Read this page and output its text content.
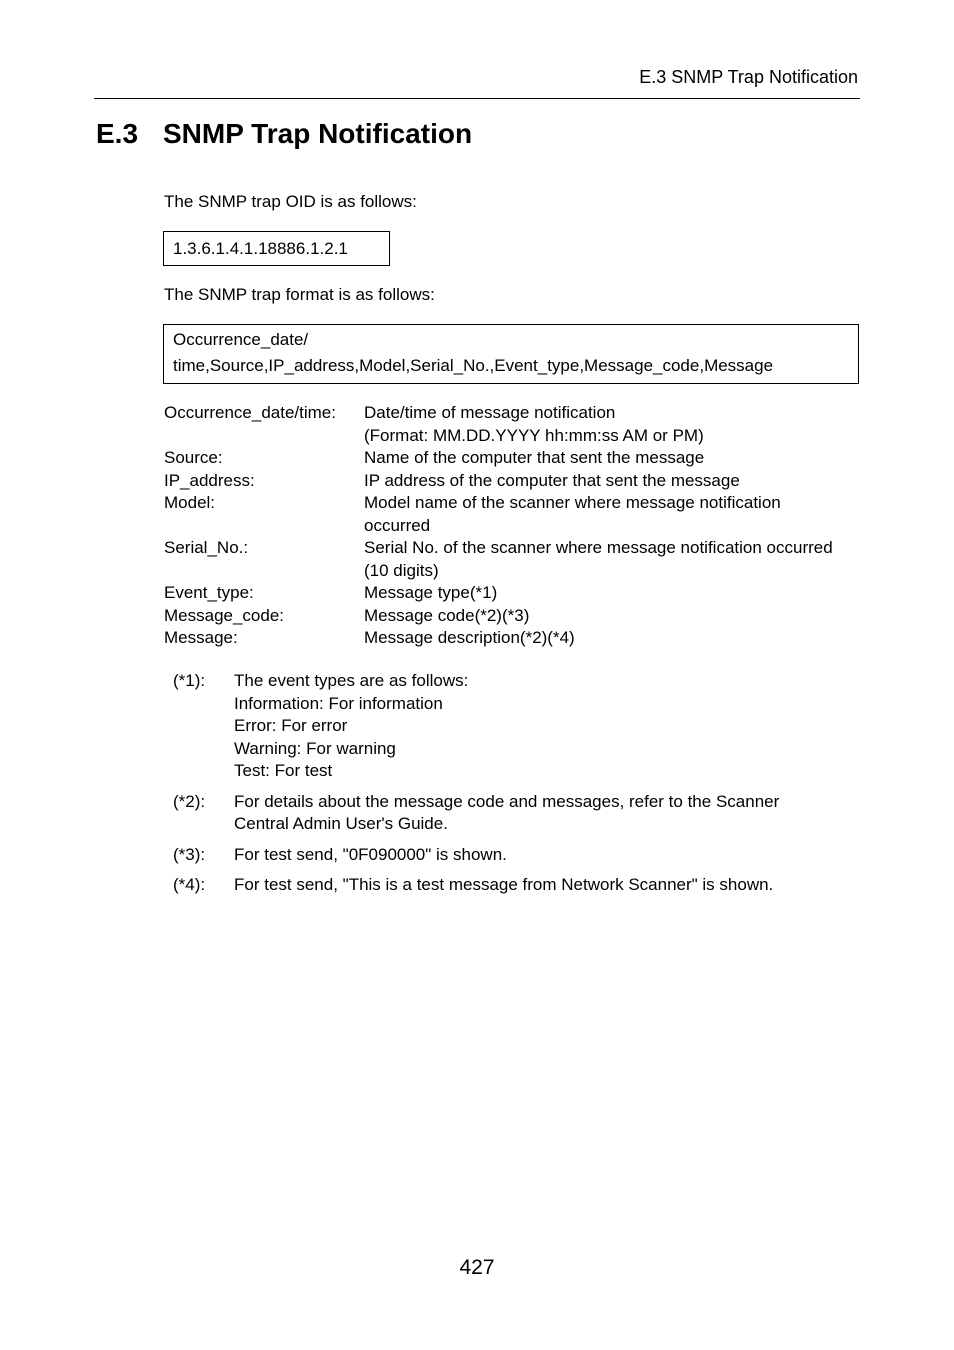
E.3 SNMP Trap Notification
E.3 SNMP Trap Notification
The SNMP trap OID is as follows:
1.3.6.1.4.1.18886.1.2.1
The SNMP trap format is as follows:
Occurrence_date/
time,Source,IP_address,Model,Serial_No.,Event_type,Message_code,Message
Occurrence_date/time:	Date/time of message notification
(Format: MM.DD.YYYY hh:mm:ss AM or PM)
Source:	Name of the computer that sent the message
IP_address:	IP address of the computer that sent the message
Model:	Model name of the scanner where message notification
occurred
Serial_No.:	Serial No. of the scanner where message notification occurred
(10 digits)
Event_type:	Message type(*1)
Message_code:	Message code(*2)(*3)
Message:	Message description(*2)(*4)
(*1):	The event types are as follows:
Information: For information
Error: For error
Warning: For warning
Test: For test
(*2):	For details about the message code and messages, refer to the Scanner
Central Admin User's Guide.
(*3):	For test send, "0F090000" is shown.
(*4):	For test send, "This is a test message from Network Scanner" is shown.
427
